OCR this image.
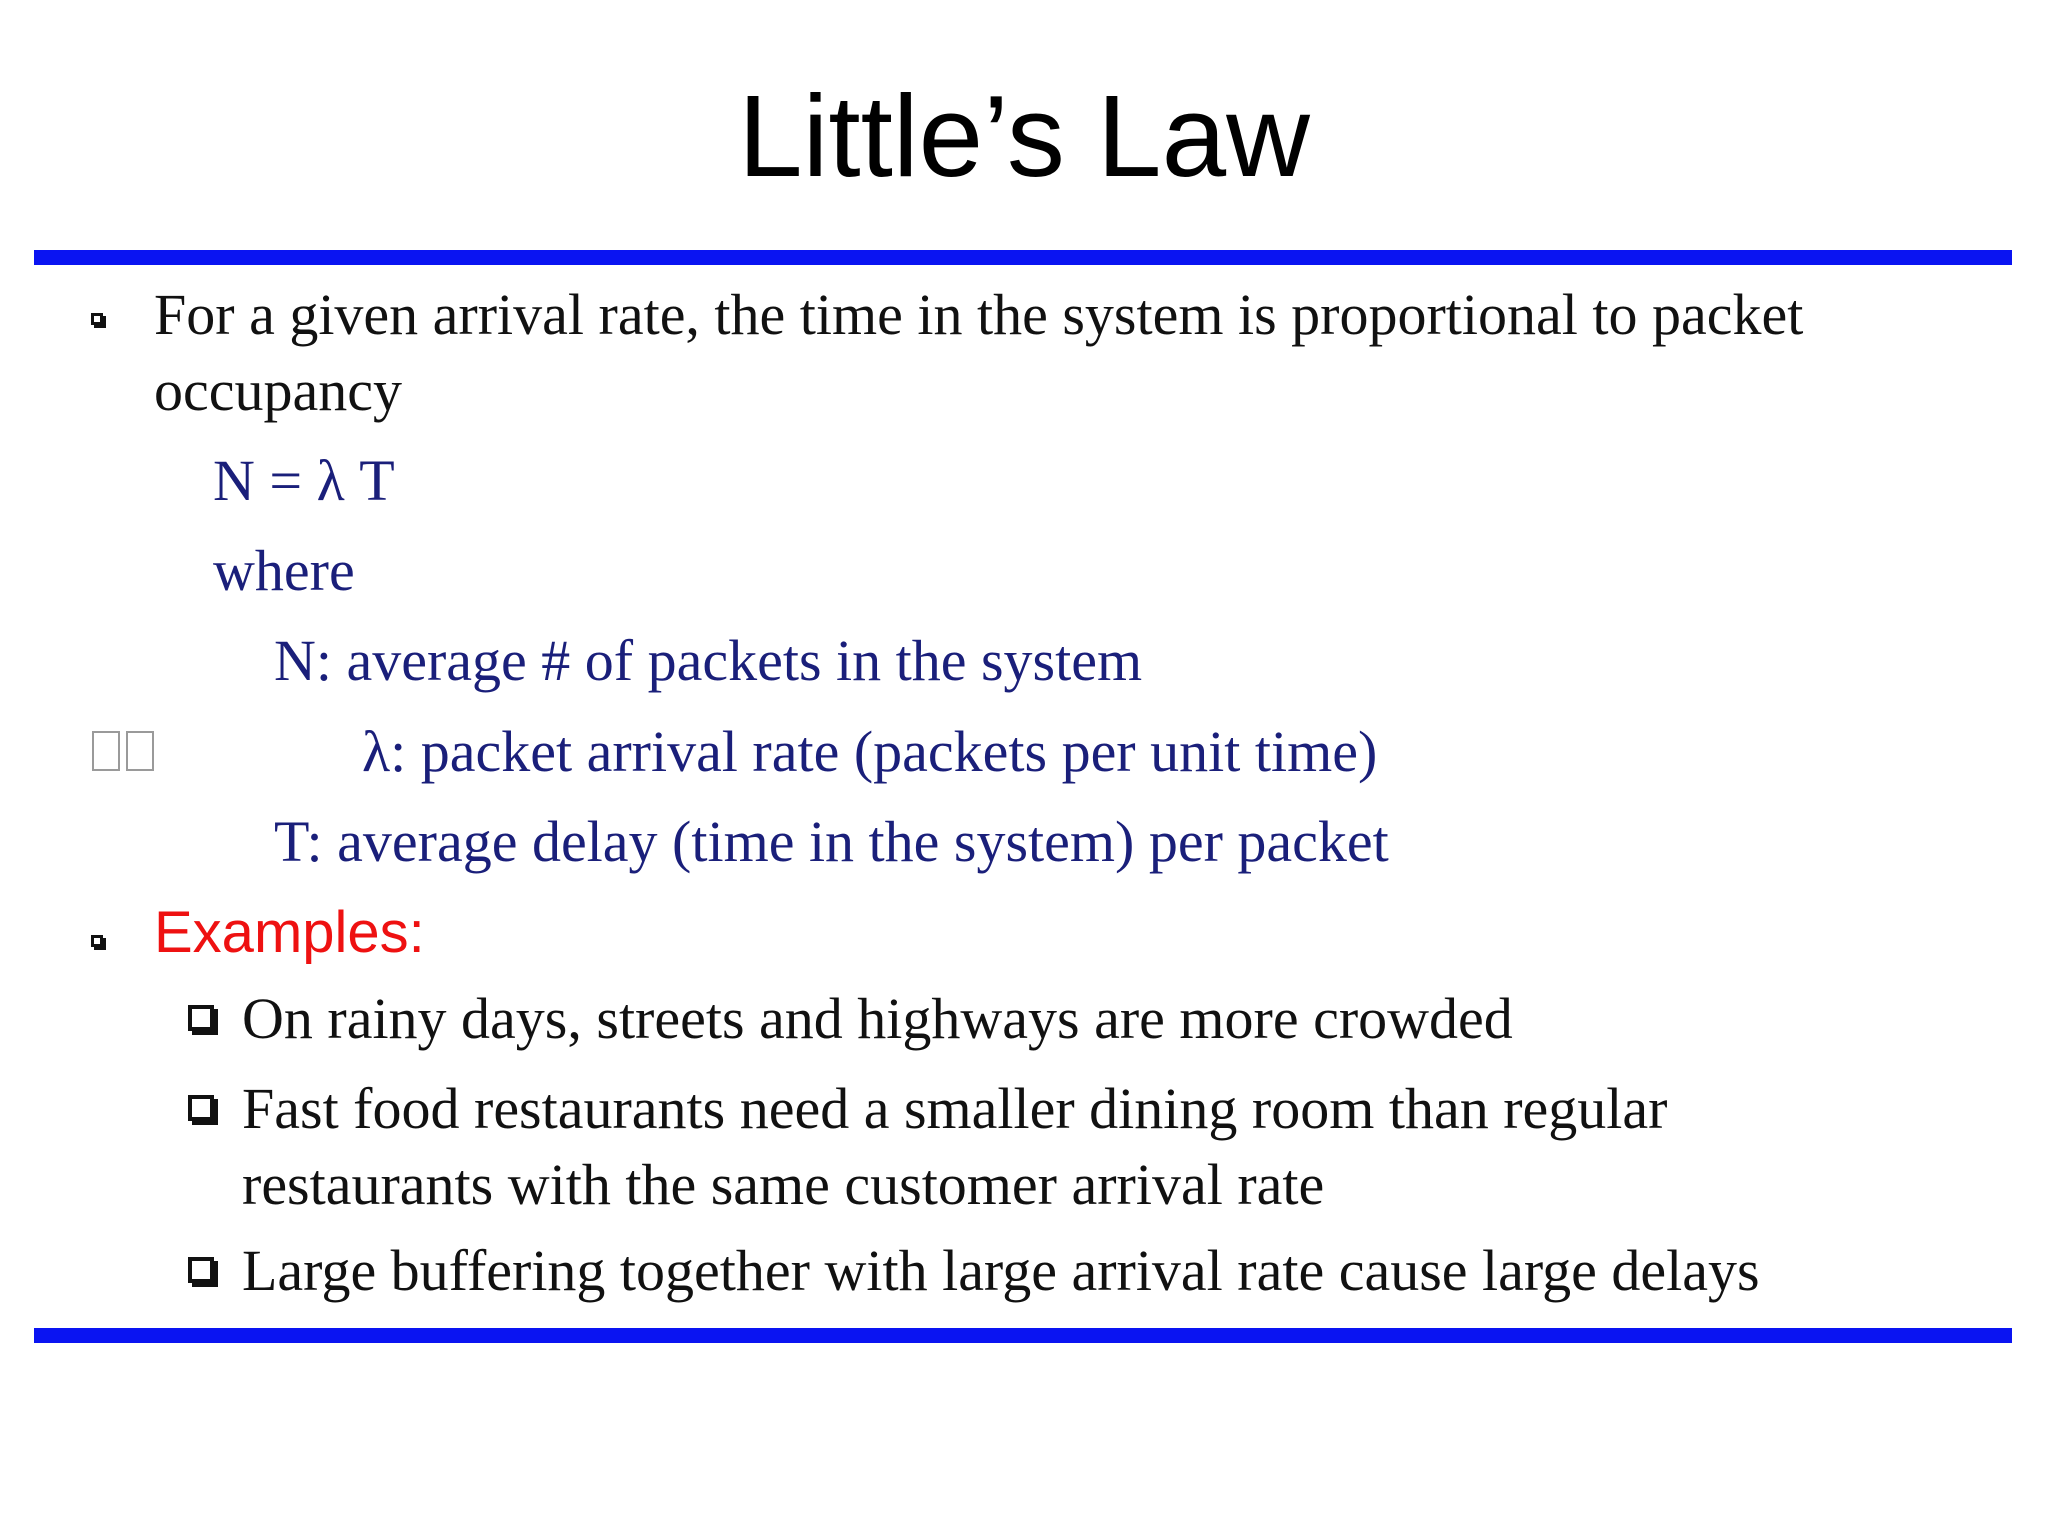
Little’s Law
For a given arrival rate, the time in the system is proportional to packet
occupancy
N = λ T
where
N: average # of packets in the system
λ: packet arrival rate (packets per unit time)
T: average delay (time in the system) per packet
Examples:
On rainy days, streets and highways are more crowded
Fast food restaurants need a smaller dining room than regular
restaurants with the same customer arrival rate
Large buffering together with large arrival rate cause large delays
